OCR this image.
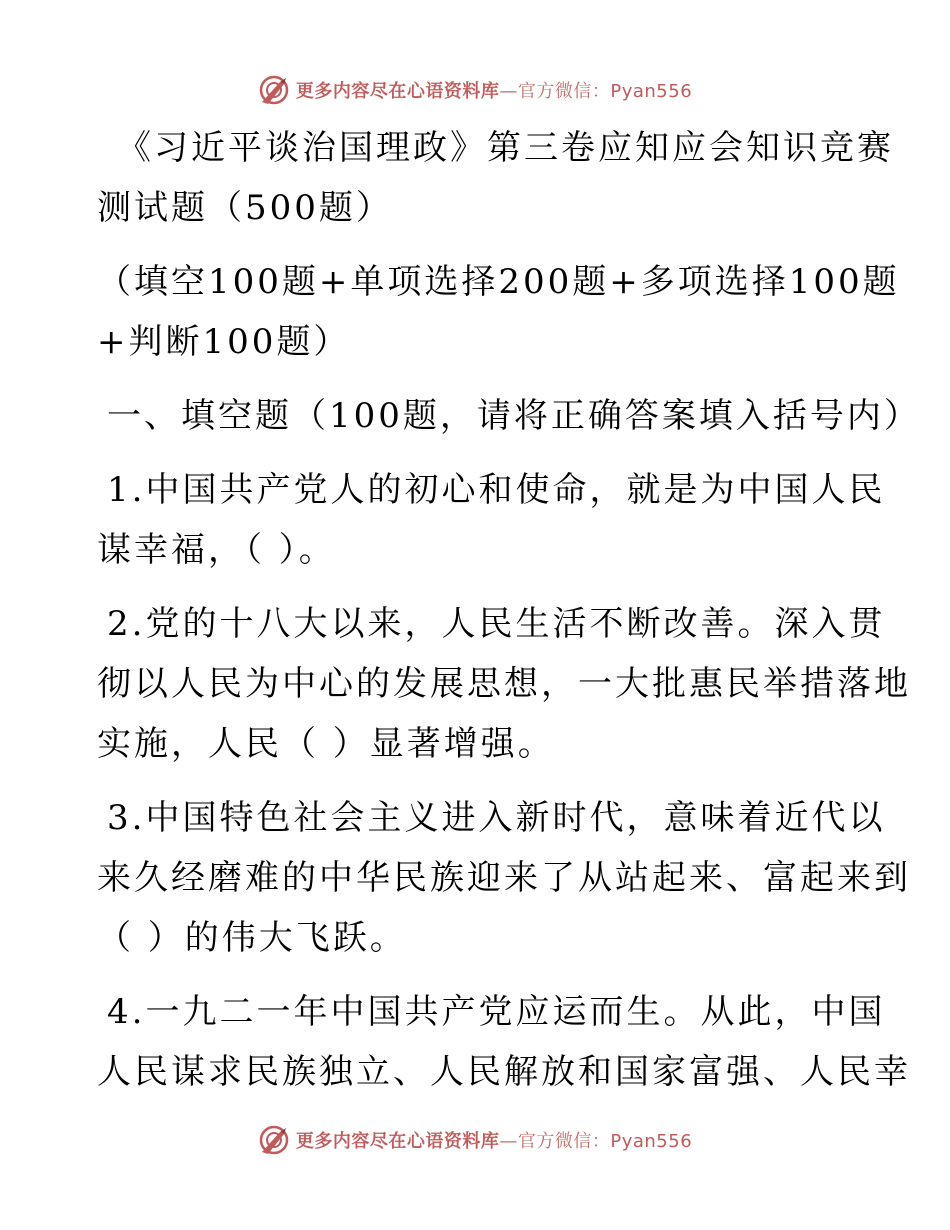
更多内容尽在心语资料库—官方微信：Pyan556
《习近平谈治国理政》第三卷应知应会知识竞赛
测试题（500题）
（填空100题+单项选择200题+多项选择100题
+判断100题）
一、填空题（100题，请将正确答案填入括号内）
1.中国共产党人的初心和使命，就是为中国人民
谋幸福，（ ）。
2.党的十八大以来，人民生活不断改善。深入贯
彻以人民为中心的发展思想，一大批惠民举措落地
实施，人民（ ）显著增强。
3.中国特色社会主义进入新时代，意味着近代以
来久经磨难的中华民族迎来了从站起来、富起来到
（ ）的伟大飞跃。
4.一九二一年中国共产党应运而生。从此，中国
人民谋求民族独立、人民解放和国家富强、人民幸
更多内容尽在心语资料库—官方微信：Pyan556
